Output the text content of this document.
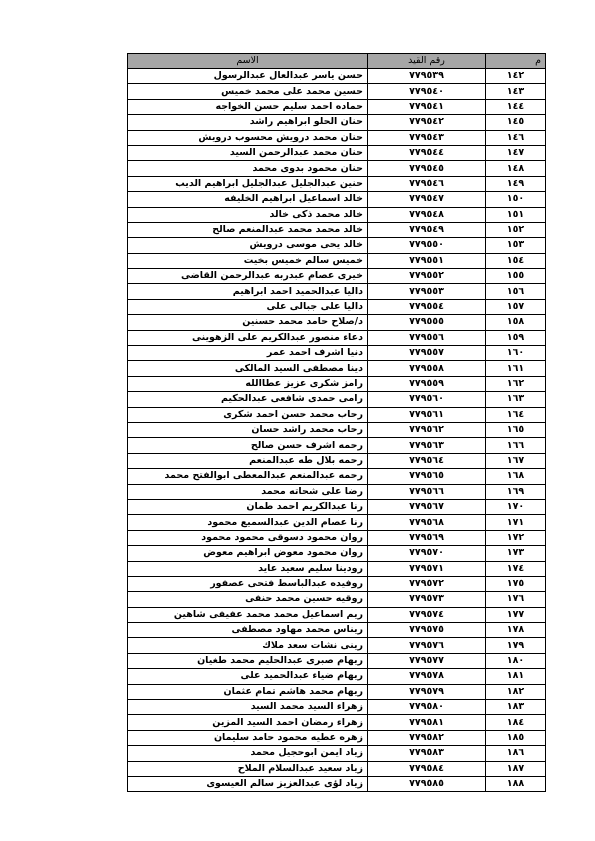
م	رقم القيد	الاسم
١٤٢	٧٧٩٥٣٩	حسن ياسر عبدالعال عبدالرسول
١٤٣	٧٧٩٥٤٠	حسين محمد على محمد خميس
١٤٤	٧٧٩٥٤١	حماده احمد سليم حسن الخواجه
١٤٥	٧٧٩٥٤٢	حنان الحلو ابراهيم راشد
١٤٦	٧٧٩٥٤٣	حنان محمد درويش محسوب درويش
١٤٧	٧٧٩٥٤٤	حنان محمد عبدالرحمن السيد
١٤٨	٧٧٩٥٤٥	حنان محمود بدوى محمد
١٤٩	٧٧٩٥٤٦	حنين عبدالجليل عبدالجليل ابراهيم الديب
١٥٠	٧٧٩٥٤٧	خالد اسماعيل ابراهيم الخليفه
١٥١	٧٧٩٥٤٨	خالد محمد ذكى خالد
١٥٢	٧٧٩٥٤٩	خالد محمد محمد عبدالمنعم صالح
١٥٣	٧٧٩٥٥٠	خالد يحى موسى درويش
١٥٤	٧٧٩٥٥١	خميس سالم خميس بخيت
١٥٥	٧٧٩٥٥٢	خيرى عصام عبدربه عبدالرحمن القاضى
١٥٦	٧٧٩٥٥٣	داليا عبدالحميد احمد ابراهيم
١٥٧	٧٧٩٥٥٤	داليا على جبالى على
١٥٨	٧٧٩٥٥٥	د/صلاح حامد محمد حسنين
١٥٩	٧٧٩٥٥٦	دعاء منصور عبدالكريم على الزهوينى
١٦٠	٧٧٩٥٥٧	دنيا اشرف احمد عمر
١٦١	٧٧٩٥٥٨	دينا مصطفى السيد المالكى
١٦٢	٧٧٩٥٥٩	رامز شكرى عزيز عطاالله
١٦٣	٧٧٩٥٦٠	رامى حمدى شافعى عبدالحكيم
١٦٤	٧٧٩٥٦١	رحاب محمد حسن احمد شكرى
١٦٥	٧٧٩٥٦٢	رحاب محمد راشد حسان
١٦٦	٧٧٩٥٦٣	رحمه اشرف حسن صالح
١٦٧	٧٧٩٥٦٤	رحمه بلال طه عبدالمنعم
١٦٨	٧٧٩٥٦٥	رحمه عبدالمنعم عبدالمعطى ابوالفتح محمد
١٦٩	٧٧٩٥٦٦	رضا على شحاته محمد
١٧٠	٧٧٩٥٦٧	رنا عبدالكريم احمد طمان
١٧١	٧٧٩٥٦٨	رنا عصام الدين عبدالسميع محمود
١٧٢	٧٧٩٥٦٩	روان محمود دسوقى محمود محمود
١٧٣	٧٧٩٥٧٠	روان محمود معوض ابراهيم معوض
١٧٤	٧٧٩٥٧١	رودينا سليم سعيد عايد
١٧٥	٧٧٩٥٧٢	روفيده عبدالباسط فتحى عصفور
١٧٦	٧٧٩٥٧٣	روقيه حسين محمد حنفى
١٧٧	٧٧٩٥٧٤	ريم اسماعيل محمد محمد عفيفى شاهين
١٧٨	٧٧٩٥٧٥	ريناس محمد مهاود مصطفى
١٧٩	٧٧٩٥٧٦	رينى نشات سعد ملاك
١٨٠	٧٧٩٥٧٧	ريهام صبرى عبدالحليم محمد طغيان
١٨١	٧٧٩٥٧٨	ريهام ضياء عبدالحميد على
١٨٢	٧٧٩٥٧٩	ريهام محمد هاشم تمام عثمان
١٨٣	٧٧٩٥٨٠	زهراء السيد محمد السيد
١٨٤	٧٧٩٥٨١	زهراء رمضان احمد السيد المزين
١٨٥	٧٧٩٥٨٢	زهره عطيه محمود حامد سليمان
١٨٦	٧٧٩٥٨٣	زياد ايمن ابوحجيل محمد
١٨٧	٧٧٩٥٨٤	زياد سعيد عبدالسلام الملاح
١٨٨	٧٧٩٥٨٥	زياد لؤى عبدالعزيز سالم العيسوى
